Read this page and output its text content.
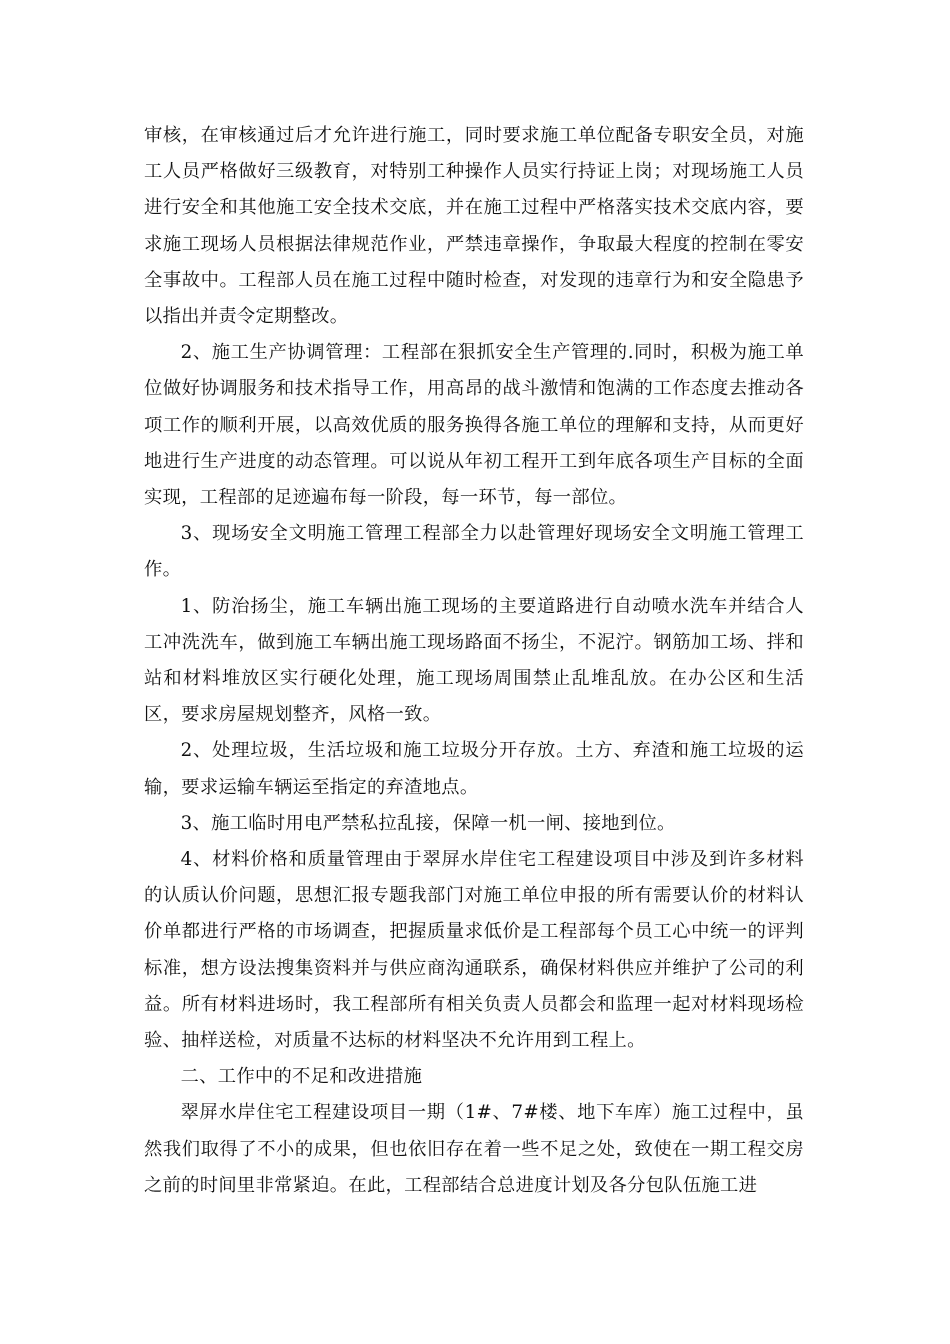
审核，在审核通过后才允许进行施工，同时要求施工单位配备专职安全员，对施工人员严格做好三级教育，对特别工种操作人员实行持证上岗；对现场施工人员进行安全和其他施工安全技术交底，并在施工过程中严格落实技术交底内容，要求施工现场人员根据法律规范作业，严禁违章操作，争取最大程度的控制在零安全事故中。工程部人员在施工过程中随时检查，对发现的违章行为和安全隐患予以指出并责令定期整改。

2、施工生产协调管理：工程部在狠抓安全生产管理的.同时，积极为施工单位做好协调服务和技术指导工作，用高昂的战斗激情和饱满的工作态度去推动各项工作的顺利开展，以高效优质的服务换得各施工单位的理解和支持，从而更好地进行生产进度的动态管理。可以说从年初工程开工到年底各项生产目标的全面实现，工程部的足迹遍布每一阶段，每一环节，每一部位。

3、现场安全文明施工管理工程部全力以赴管理好现场安全文明施工管理工作。

1、防治扬尘，施工车辆出施工现场的主要道路进行自动喷水洗车并结合人工冲洗洗车，做到施工车辆出施工现场路面不扬尘，不泥泞。钢筋加工场、拌和站和材料堆放区实行硬化处理，施工现场周围禁止乱堆乱放。在办公区和生活区，要求房屋规划整齐，风格一致。

2、处理垃圾，生活垃圾和施工垃圾分开存放。土方、弃渣和施工垃圾的运输，要求运输车辆运至指定的弃渣地点。

3、施工临时用电严禁私拉乱接，保障一机一闸、接地到位。

4、材料价格和质量管理由于翠屏水岸住宅工程建设项目中涉及到许多材料的认质认价问题，思想汇报专题我部门对施工单位申报的所有需要认价的材料认价单都进行严格的市场调查，把握质量求低价是工程部每个员工心中统一的评判标准，想方设法搜集资料并与供应商沟通联系，确保材料供应并维护了公司的利益。所有材料进场时，我工程部所有相关负责人员都会和监理一起对材料现场检验、抽样送检，对质量不达标的材料坚决不允许用到工程上。

二、工作中的不足和改进措施

翠屏水岸住宅工程建设项目一期（1#、7#楼、地下车库）施工过程中，虽然我们取得了不小的成果，但也依旧存在着一些不足之处，致使在一期工程交房之前的时间里非常紧迫。在此，工程部结合总进度计划及各分包队伍施工进
